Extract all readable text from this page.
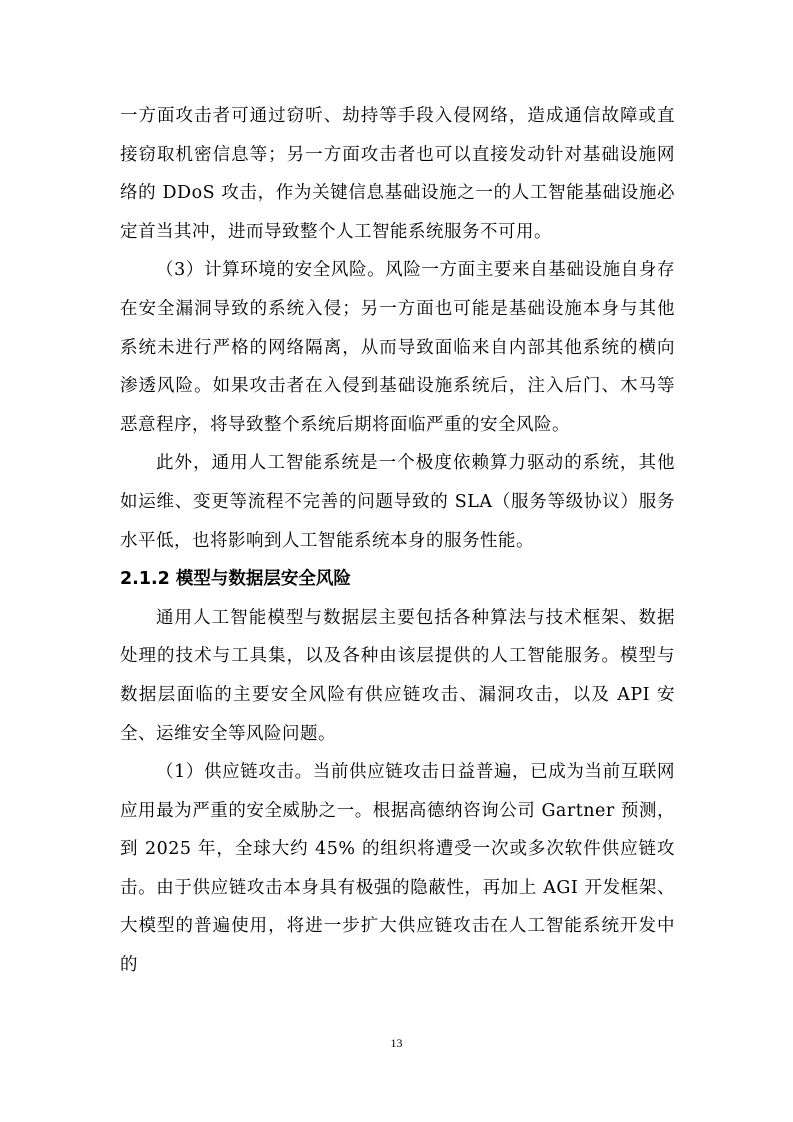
一方面攻击者可通过窃听、劫持等手段入侵网络，造成通信故障或直接窃取机密信息等；另一方面攻击者也可以直接发动针对基础设施网络的 DDoS 攻击，作为关键信息基础设施之一的人工智能基础设施必定首当其冲，进而导致整个人工智能系统服务不可用。

（3）计算环境的安全风险。风险一方面主要来自基础设施自身存在安全漏洞导致的系统入侵；另一方面也可能是基础设施本身与其他系统未进行严格的网络隔离，从而导致面临来自内部其他系统的横向渗透风险。如果攻击者在入侵到基础设施系统后，注入后门、木马等恶意程序，将导致整个系统后期将面临严重的安全风险。

此外，通用人工智能系统是一个极度依赖算力驱动的系统，其他如运维、变更等流程不完善的问题导致的 SLA（服务等级协议）服务水平低，也将影响到人工智能系统本身的服务性能。

2.1.2 模型与数据层安全风险

通用人工智能模型与数据层主要包括各种算法与技术框架、数据处理的技术与工具集，以及各种由该层提供的人工智能服务。模型与数据层面临的主要安全风险有供应链攻击、漏洞攻击，以及 API 安全、运维安全等风险问题。

（1）供应链攻击。当前供应链攻击日益普遍，已成为当前互联网应用最为严重的安全威胁之一。根据高德纳咨询公司 Gartner 预测，到 2025 年，全球大约 45% 的组织将遭受一次或多次软件供应链攻击。由于供应链攻击本身具有极强的隐蔽性，再加上 AGI 开发框架、大模型的普遍使用，将进一步扩大供应链攻击在人工智能系统开发中的

13
